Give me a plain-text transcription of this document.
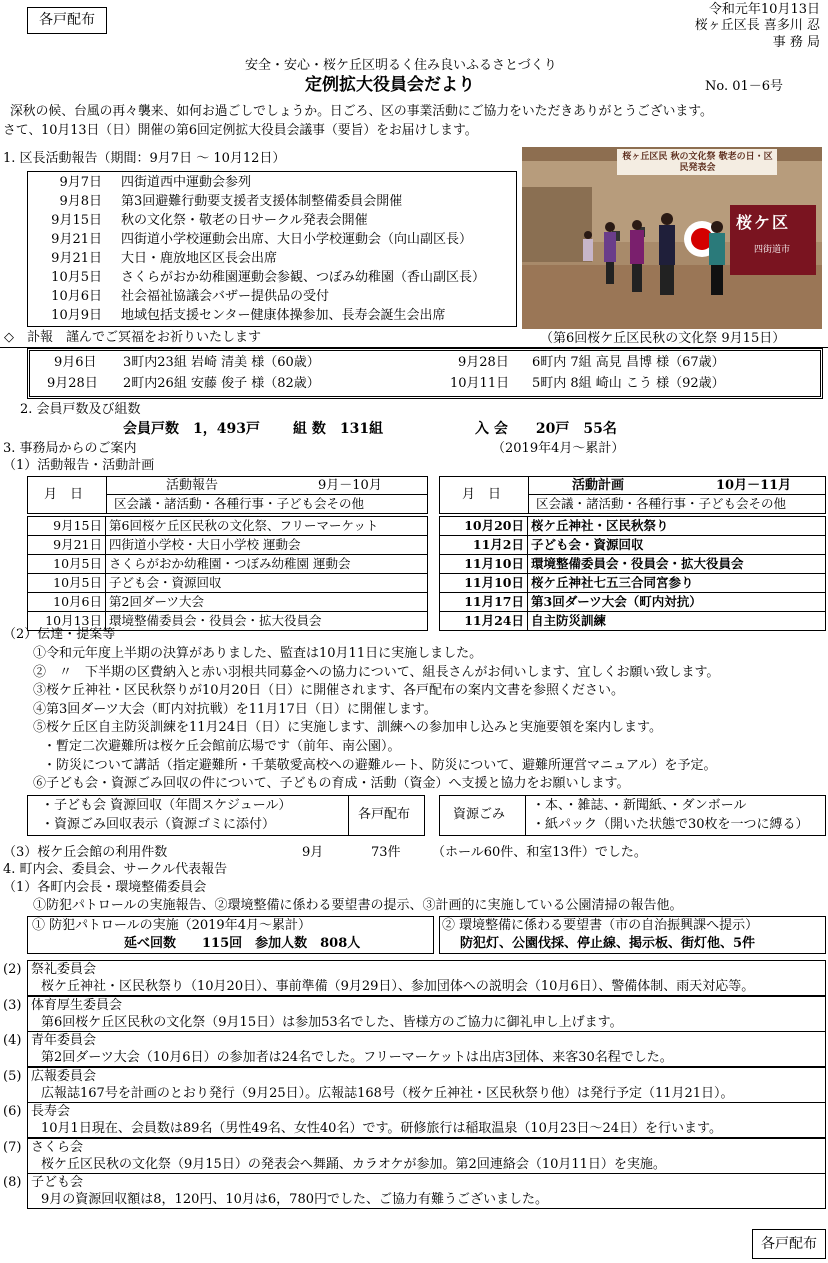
各戸配布
令和元年10月13日
桜ヶ丘区長 喜多川 忍
事 務 局
安全・安心・桜ケ丘区明るく住み良いふるさとづくり
定例拡大役員会だより	No. 01－6号
深秋の候、台風の再々襲来、如何お過ごしでしょうか。日ごろ、区の事業活動にご協力をいただきありがとうございます。
さて、10月13日（日）開催の第6回定例拡大役員会議事（要旨）をお届けします。
1. 区長活動報告（期間：9月7日 ～ 10月12日）
9月7日 四街道西中運動会参列
9月8日 第3回避難行動要支援者支援体制整備委員会開催
9月15日 秋の文化祭・敬老の日サークル発表会開催
9月21日 四街道小学校運動会出席、大日小学校運動会（向山副区長）
9月21日 大日・鹿放地区区長会出席
10月5日 さくらがおか幼稚園運動会参観、つぼみ幼稚園（香山副区長）
10月6日 社会福祉協議会バザー提供品の受付
10月9日 地域包括支援センター健康体操参加、長寿会誕生会出席
桜ヶ丘区民 秋の文化祭 敬老の日・区民発表会
桜ケ区
四街道市
◇　訃報　謹んでご冥福をお祈りいたします	（第6回桜ケ丘区民秋の文化祭 9月15日）
9月6日 3町内23組 岩崎 清美 様（60歳）	9月28日 6町内 7組 高見 昌博 様（67歳）
9月28日 2町内26組 安藤 俊子 様（82歳）	10月11日 5町内 8組 崎山 こう 様（92歳）
2. 会員戸数及び組数
会員戸数　1，493戸 組 数　131組	入 会　　20戸　55名
3. 事務局からのご案内	（2019年4月～累計）
（1）活動報告・活動計画
月　日
活動報告	9月－10月
区会議・諸活動・各種行事・子ども会その他
9月15日	第6回桜ケ丘区民秋の文化祭、フリーマーケット
9月21日	四街道小学校・大日小学校 運動会
10月5日	さくらがおか幼稚園・つぼみ幼稚園 運動会
10月5日	子ども会・資源回収
10月6日	第2回ダーツ大会
10月13日	環境整備委員会・役員会・拡大役員会
月　日
活動計画	10月－11月
区会議・諸活動・各種行事・子ども会その他
10月20日	桜ケ丘神社・区民秋祭り
11月2日	子ども会・資源回収
11月10日	環境整備委員会・役員会・拡大役員会
11月10日	桜ケ丘神社七五三合同宮参り
11月17日	第3回ダーツ大会（町内対抗）
11月24日	自主防災訓練
（2）伝達・提案等
①令和元年度上半期の決算がありました、監査は10月11日に実施しました。
②　〃　下半期の区費納入と赤い羽根共同募金への協力について、組長さんがお伺いします、宜しくお願い致します。
③桜ケ丘神社・区民秋祭りが10月20日（日）に開催されます、各戸配布の案内文書を参照ください。
④第3回ダーツ大会（町内対抗戦）を11月17日（日）に開催します。
⑤桜ケ丘区自主防災訓練を11月24日（日）に実施します、訓練への参加申し込みと実施要領を案内します。
・暫定二次避難所は桜ケ丘会館前広場です（前年、南公園）。
・防災について講話（指定避難所・千葉敬愛高校への避難ルート、防災について、避難所運営マニュアル）を予定。
⑥子ども会・資源ごみ回収の件について、子どもの育成・活動（資金）へ支援と協力をお願いします。
・子ども会 資源回収（年間スケジュール）
・資源ごみ回収表示（資源ゴミに添付）
各戸配布	資源ごみ
・本、・雑誌、・新聞紙、・ダンボール
・紙パック（開いた状態で30枚を一つに縛る）
（3）桜ケ丘会館の利用件数	9月	73件 （ホール60件、和室13件）でした。
4. 町内会、委員会、サークル代表報告
（1）各町内会長・環境整備委員会
①防犯パトロールの実施報告、②環境整備に係わる要望書の提示、③計画的に実施している公園清掃の報告他。
① 防犯パトロールの実施（2019年4月～累計）
延べ回数　　115回　参加人数　808人
② 環境整備に係わる要望書（市の自治振興課へ提示）
防犯灯、公園伐採、停止線、掲示板、街灯他、5件
(2) 祭礼委員会
桜ケ丘神社・区民秋祭り（10月20日）、事前準備（9月29日）、参加団体への説明会（10月6日）、警備体制、雨天対応等。
(3) 体育厚生委員会
第6回桜ケ丘区民秋の文化祭（9月15日）は参加53名でした、皆様方のご協力に御礼申し上げます。
(4) 青年委員会
第2回ダーツ大会（10月6日）の参加者は24名でした。フリーマーケットは出店3団体、来客30名程でした。
(5) 広報委員会
広報誌167号を計画のとおり発行（9月25日）。広報誌168号（桜ケ丘神社・区民秋祭り他）は発行予定（11月21日）。
(6) 長寿会
10月1日現在、会員数は89名（男性49名、女性40名）です。研修旅行は稲取温泉（10月23日～24日）を行います。
(7) さくら会
桜ケ丘区民秋の文化祭（9月15日）の発表会へ舞踊、カラオケが参加。第2回連絡会（10月11日）を実施。
(8) 子ども会
9月の資源回収額は8，120円、10月は6，780円でした、ご協力有難うございました。
各戸配布
